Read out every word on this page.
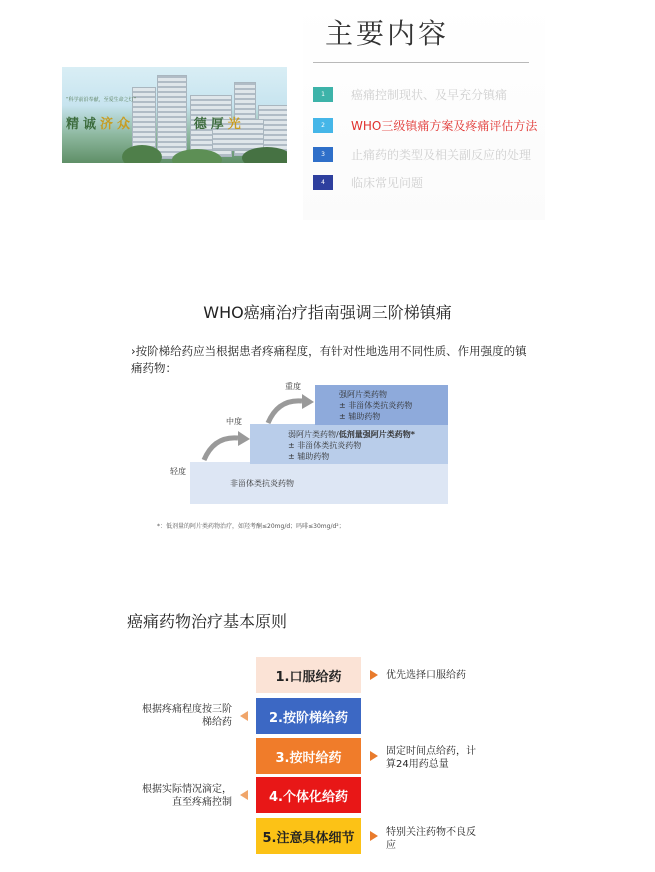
主要内容
“科学前沿奉献，至爱生命之灯”
精诚济众	德厚光
1	癌痛控制现状、及早充分镇痛
2	WHO三级镇痛方案及疼痛评估方法
3	止痛药的类型及相关副反应的处理
4	临床常见问题
WHO癌痛治疗指南强调三阶梯镇痛
›按阶梯给药应当根据患者疼痛程度，有针对性地选用不同性质、作用强度的镇痛药物：
重度
中度
轻度
非甾体类抗炎药物
弱阿片类药物/低剂量强阿片类药物*
± 非甾体类抗炎药物
± 辅助药物
强阿片类药物
± 非甾体类抗炎药物
± 辅助药物
*：低剂量的阿片类药物治疗，如羟考酮≤20mg/d；吗啡≤30mg/d²；
癌痛药物治疗基本原则
1.口服给药
2.按阶梯给药
3.按时给药
4.个体化给药
5.注意具体细节
优先选择口服给药
根据疼痛程度按三阶梯给药
固定时间点给药，计算24用药总量
根据实际情况滴定，直至疼痛控制
特别关注药物不良反应
